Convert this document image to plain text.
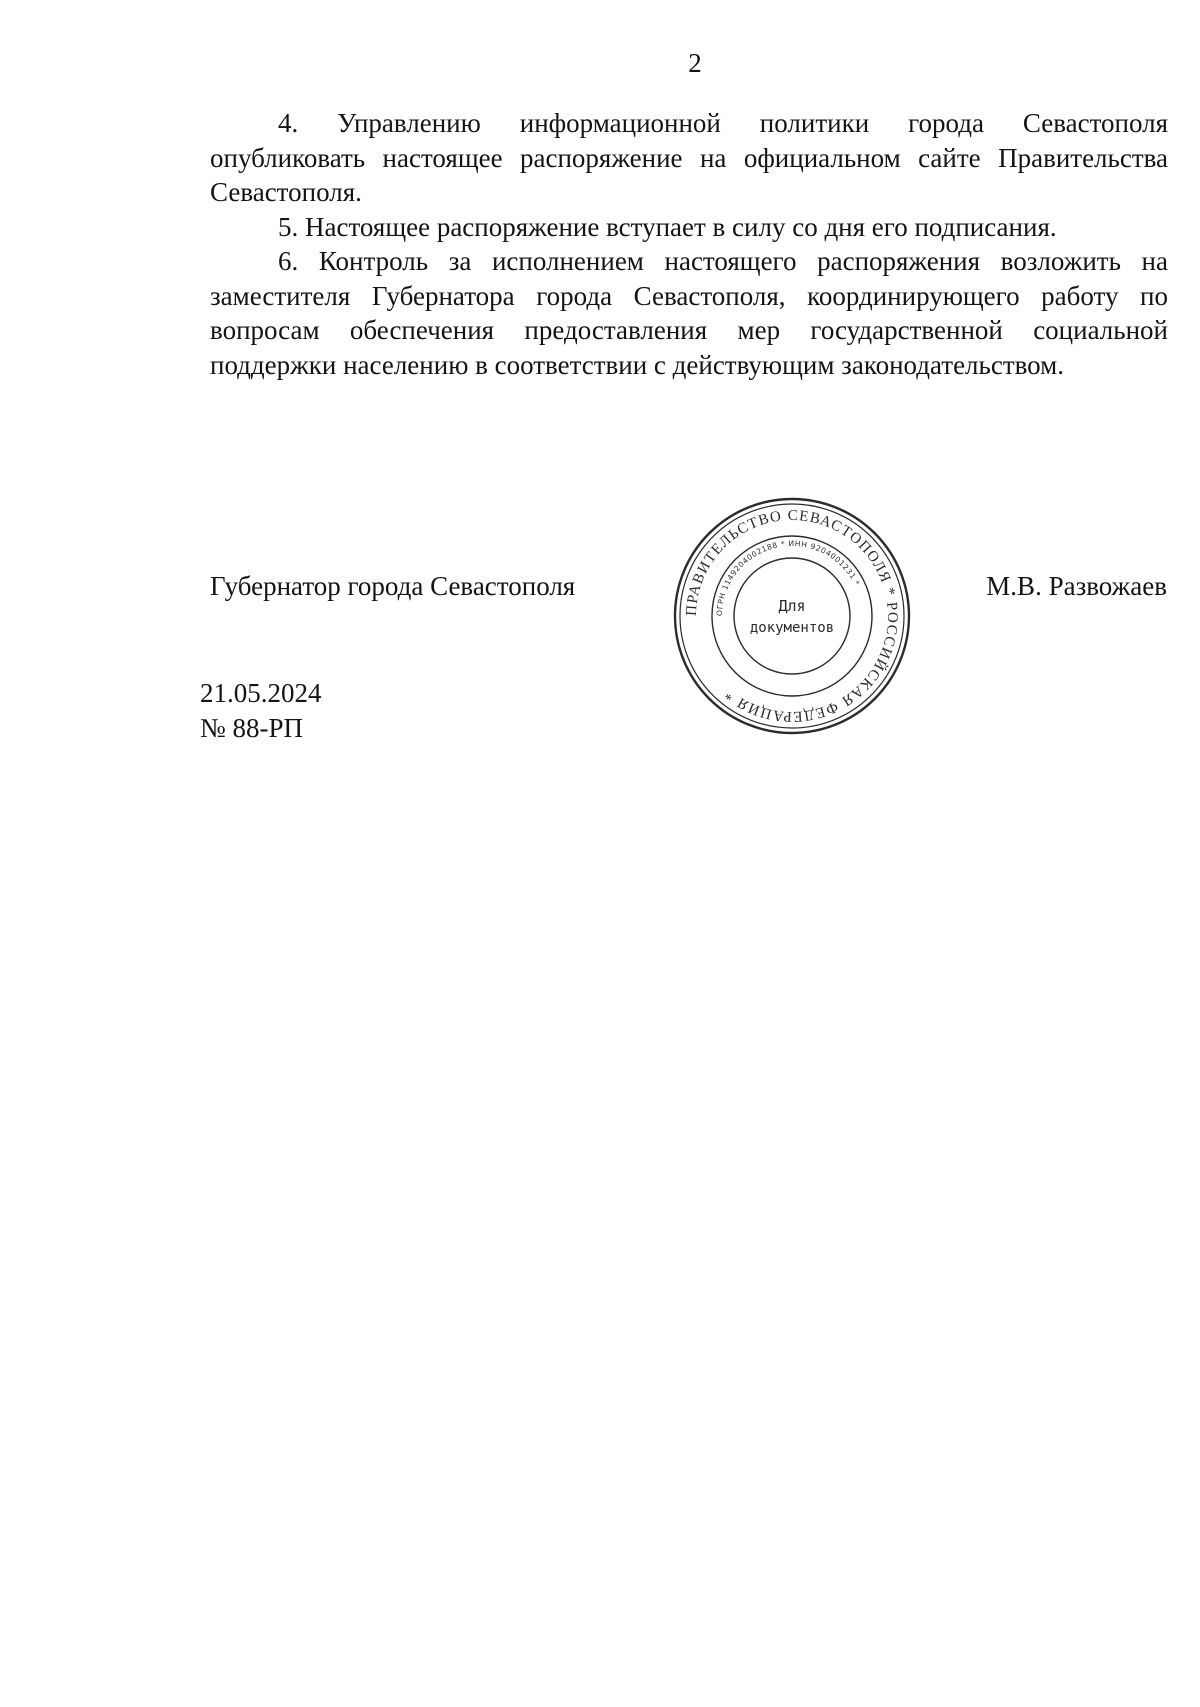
2

4. Управлению информационной политики города Севастополя опубликовать настоящее распоряжение на официальном сайте Правительства Севастополя.

5. Настоящее распоряжение вступает в силу со дня его подписания.

6. Контроль за исполнением настоящего распоряжения возложить на заместителя Губернатора города Севастополя, координирующего работу по вопросам обеспечения предоставления мер государственной социальной поддержки населению в соответствии с действующим законодательством.

Губернатор города Севастополя	М.В. Развожаев
21.05.2024
№ 88-РП
ПРАВИТЕЛЬСТВО СЕВАСТОПОЛЯ * РОССИЙСКАЯ ФЕДЕРАЦИЯ *
ОГРН 1149204002188 * ИНН 9204001231 *
Для
документов
